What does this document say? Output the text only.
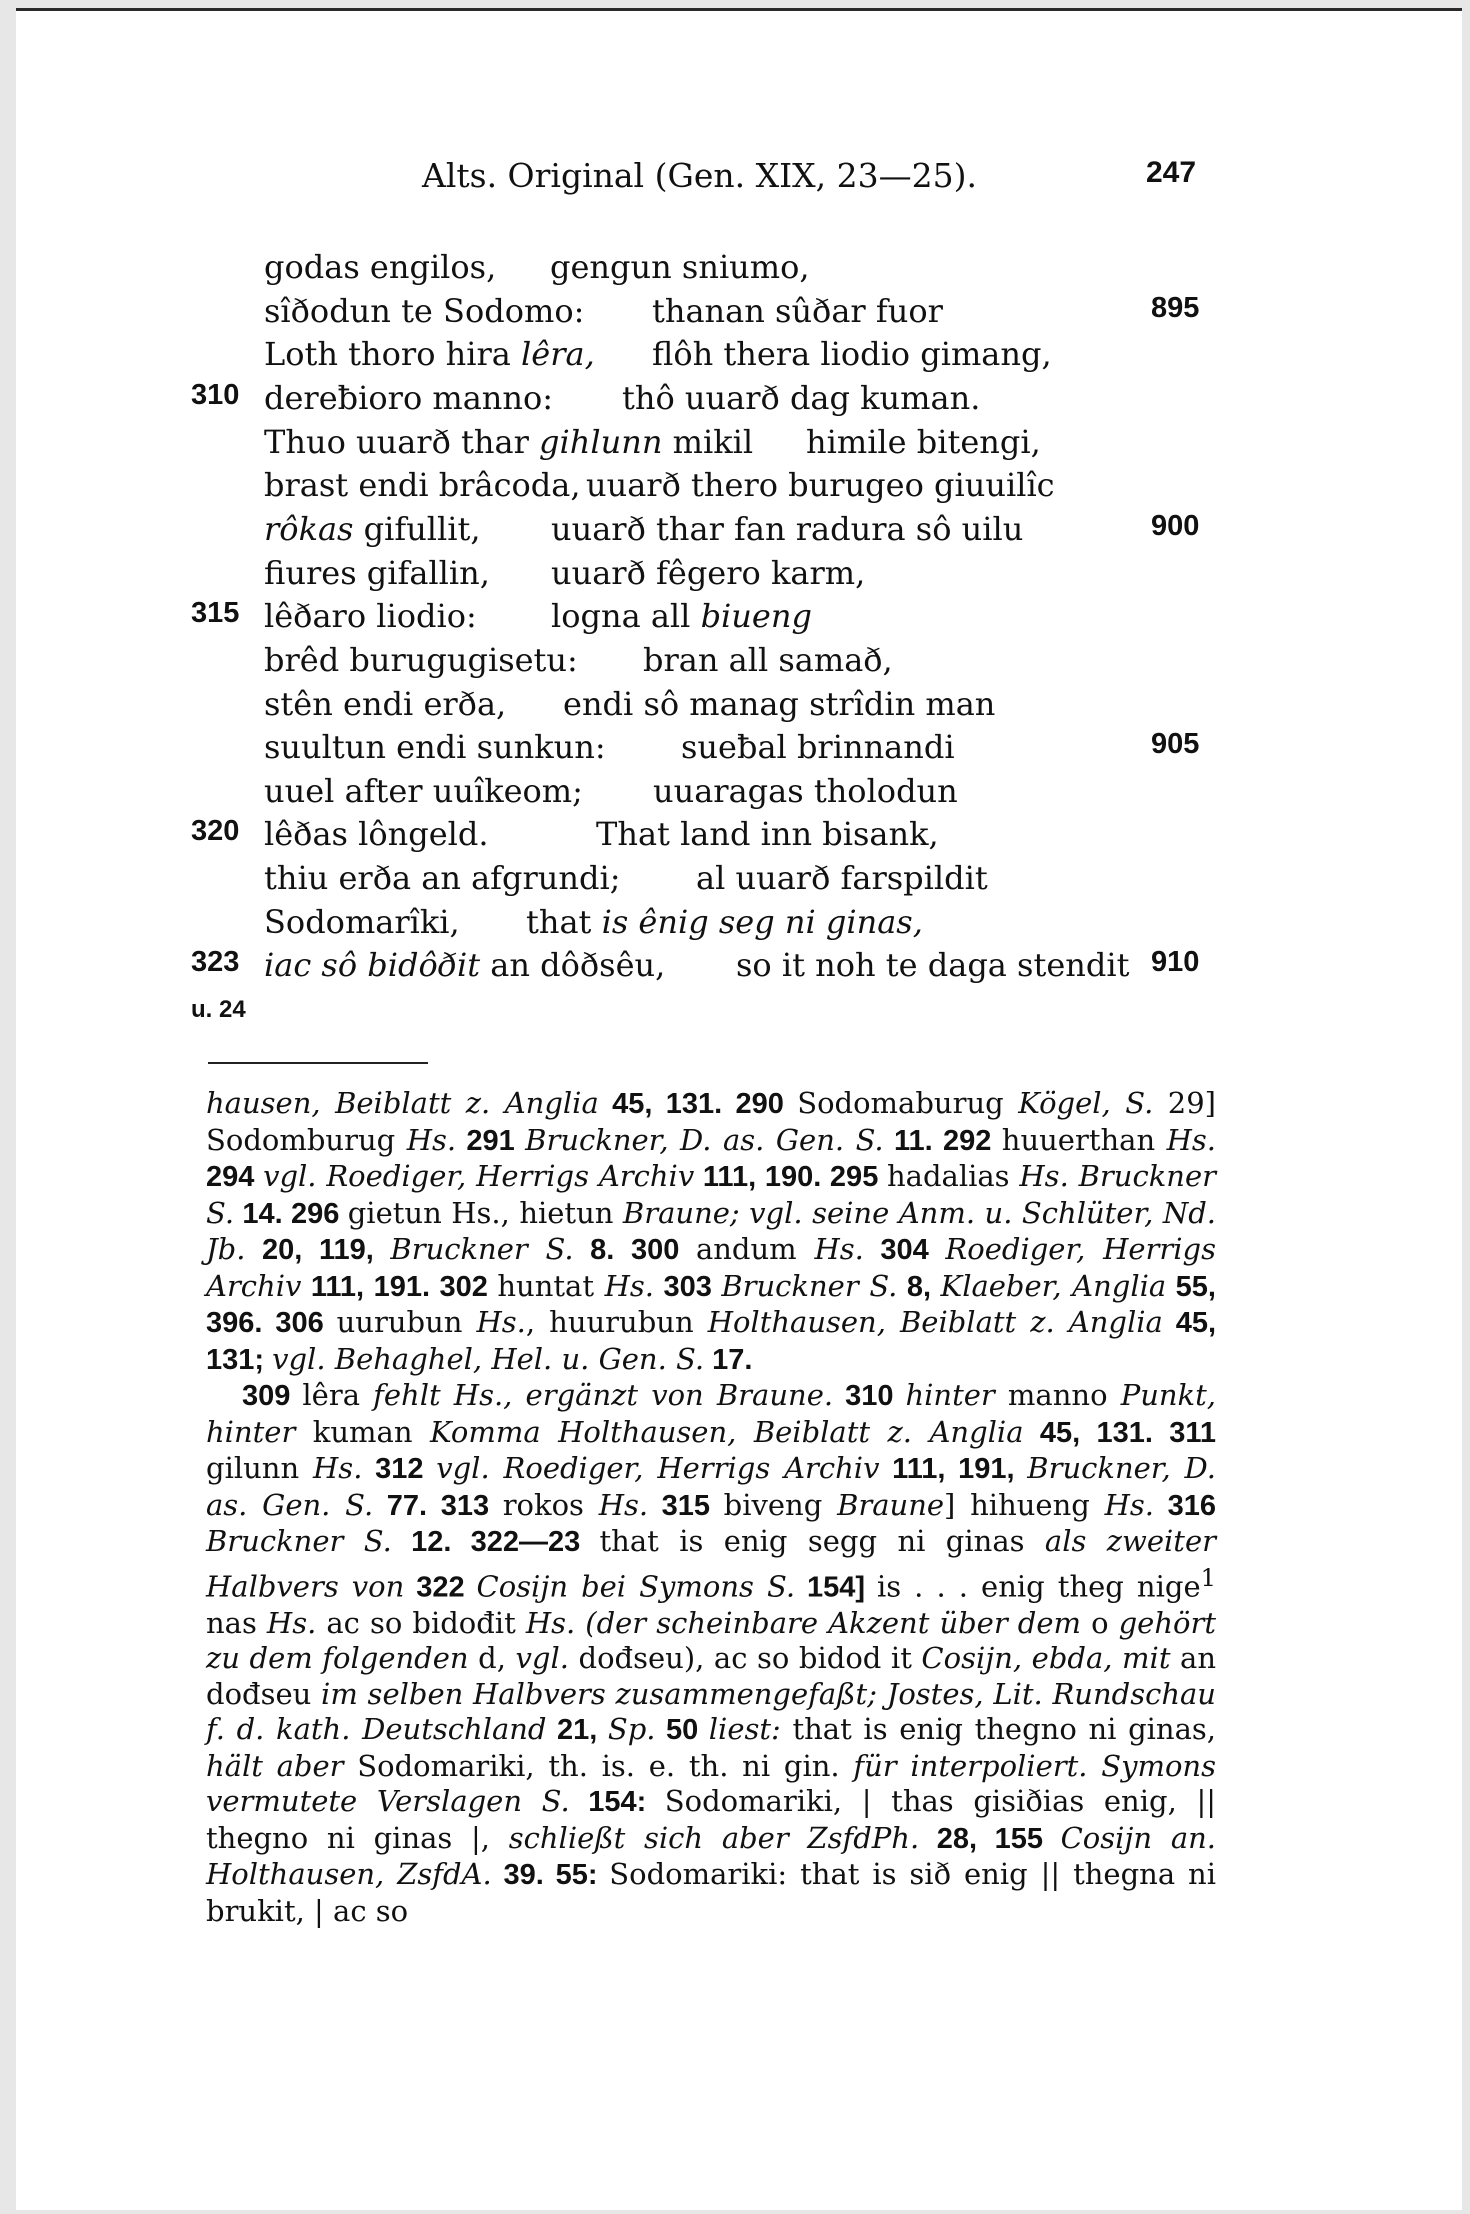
Alts. Original (Gen. XIX, 23—25).	247
godas engilos, gengun sniumo,
sîðodun te Sodomo: thanan sûðar fuor	895
Loth thoro hira lêra, flôh thera liodio gimang,
310 dereƀioro manno: thô uuarð dag kuman.
Thuo uuarð thar gihlunn mikil himile bitengi,
brast endi brâcoda, uuarð thero burugeo giuuilîc
rôkas gifullit, uuarð thar fan radura sô uilu	900
fiures gifallin, uuarð fêgero karm,
315 lêðaro liodio: logna all biueng
brêd burugugisetu: bran all samað,
stên endi erða, endi sô manag strîdin man
suultun endi sunkun: sueƀal brinnandi	905
uuel after uuîkeom; uuaragas tholodun
320 lêðas lôngeld.	That land inn bisank,
thiu erða an afgrundi; al uuarð farspildit
Sodomarîki, that is ênig seg ni ginas,
323 iac sô bidôðit an dôðsêu, so it noh te daga stendit 910
u. 24

hausen, Beiblatt z. Anglia 45, 131. 290 Sodomaburug Kögel, S. 29] Sodomburug Hs. 291 Bruckner, D. as. Gen. S. 11. 292 huuerthan Hs. 294 vgl. Roediger, Herrigs Archiv 111, 190. 295 hadalias Hs. Bruckner S. 14. 296 gietun Hs., hietun Braune; vgl. seine Anm. u. Schlüter, Nd. Jb. 20, 119, Bruckner S. 8. 300 andum Hs. 304 Roediger, Herrigs Archiv 111, 191. 302 huntat Hs. 303 Bruckner S. 8, Klaeber, Anglia 55, 396. 306 uurubun Hs., huurubun Holthausen, Beiblatt z. Anglia 45, 131; vgl. Behaghel, Hel. u. Gen. S. 17.

309 lêra fehlt Hs., ergänzt von Braune. 310 hinter manno Punkt, hinter kuman Komma Holthausen, Beiblatt z. Anglia 45, 131. 311 gilunn Hs. 312 vgl. Roediger, Herrigs Archiv 111, 191, Bruckner, D. as. Gen. S. 77. 313 rokos Hs. 315 biveng Braune] hihueng Hs. 316 Bruckner S. 12. 322—23 that is enig segg ni ginas als zweiter Halbvers von 322 Cosijn bei Symons S. 154] is . . . enig theg nige$^1$ nas Hs. ac so bidođit Hs. (der scheinbare Akzent über dem o gehört zu dem folgenden d, vgl. dođseu), ac so bidod it Cosijn, ebda, mit an dođseu im selben Halbvers zusammengefaßt; Jostes, Lit. Rundschau f. d. kath. Deutschland 21, Sp. 50 liest: that is enig thegno ni ginas, hält aber Sodomariki, th. is. e. th. ni gin. für interpoliert. Symons vermutete Verslagen S. 154: Sodomariki, | thas gisiðias enig, || thegno ni ginas |, schließt sich aber ZsfdPh. 28, 155 Cosijn an. Holthausen, ZsfdA. 39. 55: Sodomariki: that is sið enig || thegna ni brukit, | ac so
